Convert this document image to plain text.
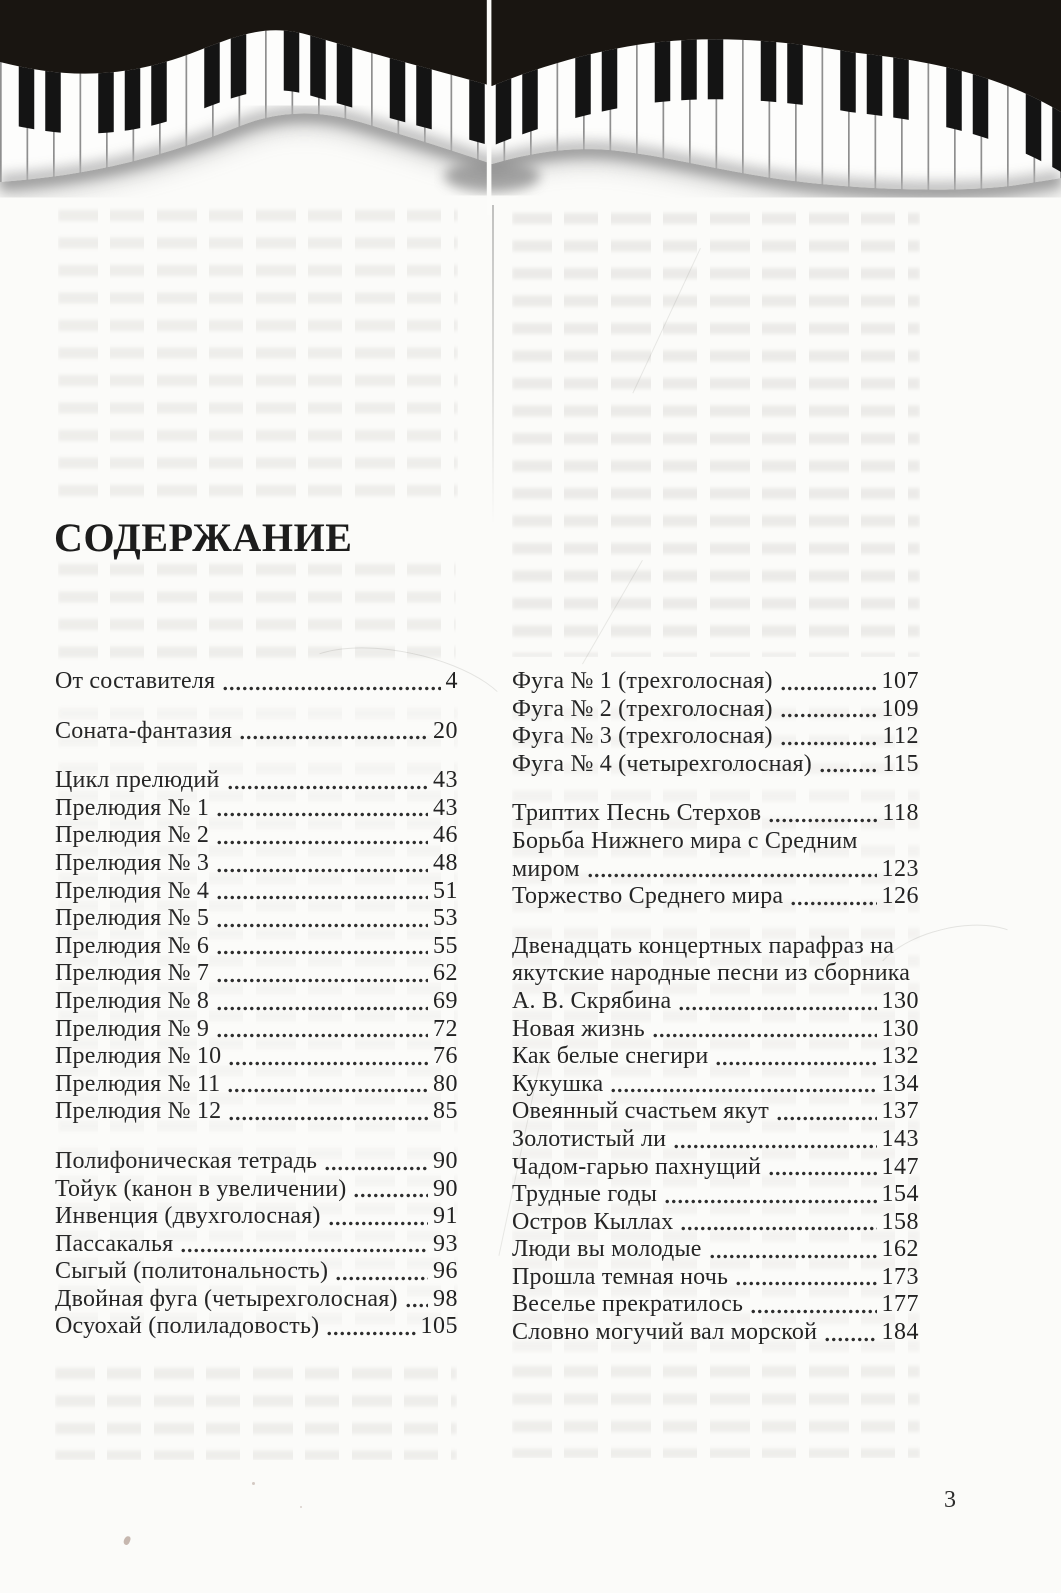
СОДЕРЖАНИЕ
От составителя	4
Соната-фантазия	20
Цикл прелюдий	43
Прелюдия № 1	43
Прелюдия № 2	46
Прелюдия № 3	48
Прелюдия № 4	51
Прелюдия № 5	53
Прелюдия № 6	55
Прелюдия № 7	62
Прелюдия № 8	69
Прелюдия № 9	72
Прелюдия № 10	76
Прелюдия № 11	80
Прелюдия № 12	85
Полифоническая тетрадь	90
Тойук (канон в увеличении)	90
Инвенция (двухголосная)	91
Пассакалья	93
Сыгый (политональность)	96
Двойная фуга (четырехголосная) 98
Осуохай (полиладовость)	105
Фуга № 1 (трехголосная)	107
Фуга № 2 (трехголосная)	109
Фуга № 3 (трехголосная)	112
Фуга № 4 (четырехголосная)	115
Триптих Песнь Стерхов	118
Борьба Нижнего мира с Средним
миром	123
Торжество Среднего мира	126
Двенадцать концертных парафраз на
якутские народные песни из сборника
А. В. Скрябина	130
Новая жизнь	130
Как белые снегири	132
Кукушка	134
Овеянный счастьем якут	137
Золотистый ли	143
Чадом-гарью пахнущий	147
Трудные годы	154
Остров Кыллах	158
Люди вы молодые	162
Прошла темная ночь	173
Веселье прекратилось	177
Словно могучий вал морской	184
3
